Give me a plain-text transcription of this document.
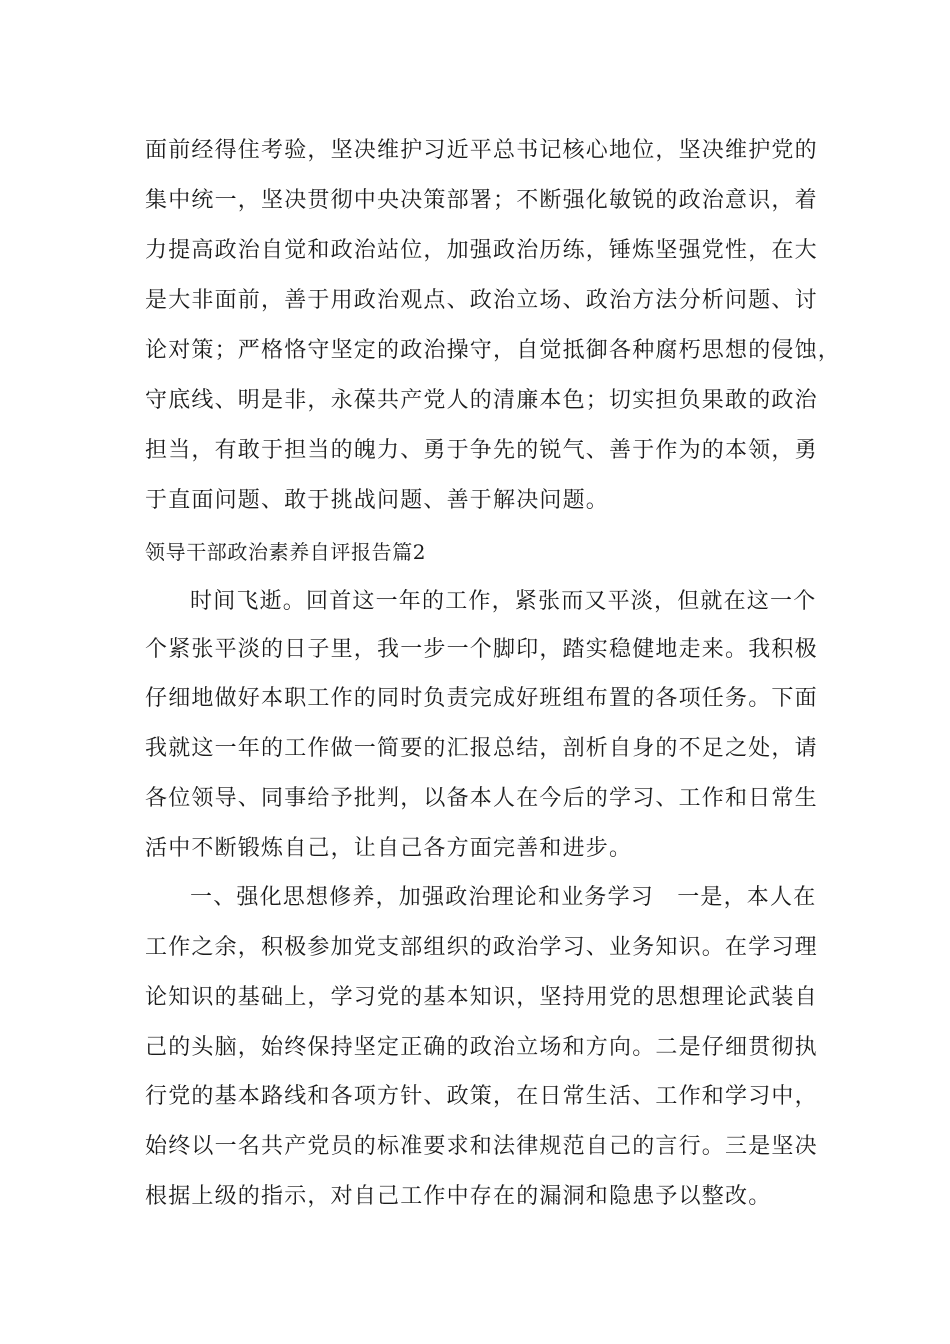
面前经得住考验，坚决维护习近平总书记核心地位，坚决维护党的
集中统一，坚决贯彻中央决策部署；不断强化敏锐的政治意识，着
力提高政治自觉和政治站位，加强政治历练，锤炼坚强党性，在大
是大非面前，善于用政治观点、政治立场、政治方法分析问题、讨
论对策；严格恪守坚定的政治操守，自觉抵御各种腐朽思想的侵蚀，
守底线、明是非，永葆共产党人的清廉本色；切实担负果敢的政治
担当，有敢于担当的魄力、勇于争先的锐气、善于作为的本领，勇
于直面问题、敢于挑战问题、善于解决问题。
领导干部政治素养自评报告篇2
时间飞逝。回首这一年的工作，紧张而又平淡，但就在这一个
个紧张平淡的日子里，我一步一个脚印，踏实稳健地走来。我积极
仔细地做好本职工作的同时负责完成好班组布置的各项任务。下面
我就这一年的工作做一简要的汇报总结，剖析自身的不足之处，请
各位领导、同事给予批判，以备本人在今后的学习、工作和日常生
活中不断锻炼自己，让自己各方面完善和进步。
一、强化思想修养，加强政治理论和业务学习　一是，本人在
工作之余，积极参加党支部组织的政治学习、业务知识。在学习理
论知识的基础上，学习党的基本知识，坚持用党的思想理论武装自
己的头脑，始终保持坚定正确的政治立场和方向。二是仔细贯彻执
行党的基本路线和各项方针、政策，在日常生活、工作和学习中，
始终以一名共产党员的标准要求和法律规范自己的言行。三是坚决
根据上级的指示，对自己工作中存在的漏洞和隐患予以整改。
